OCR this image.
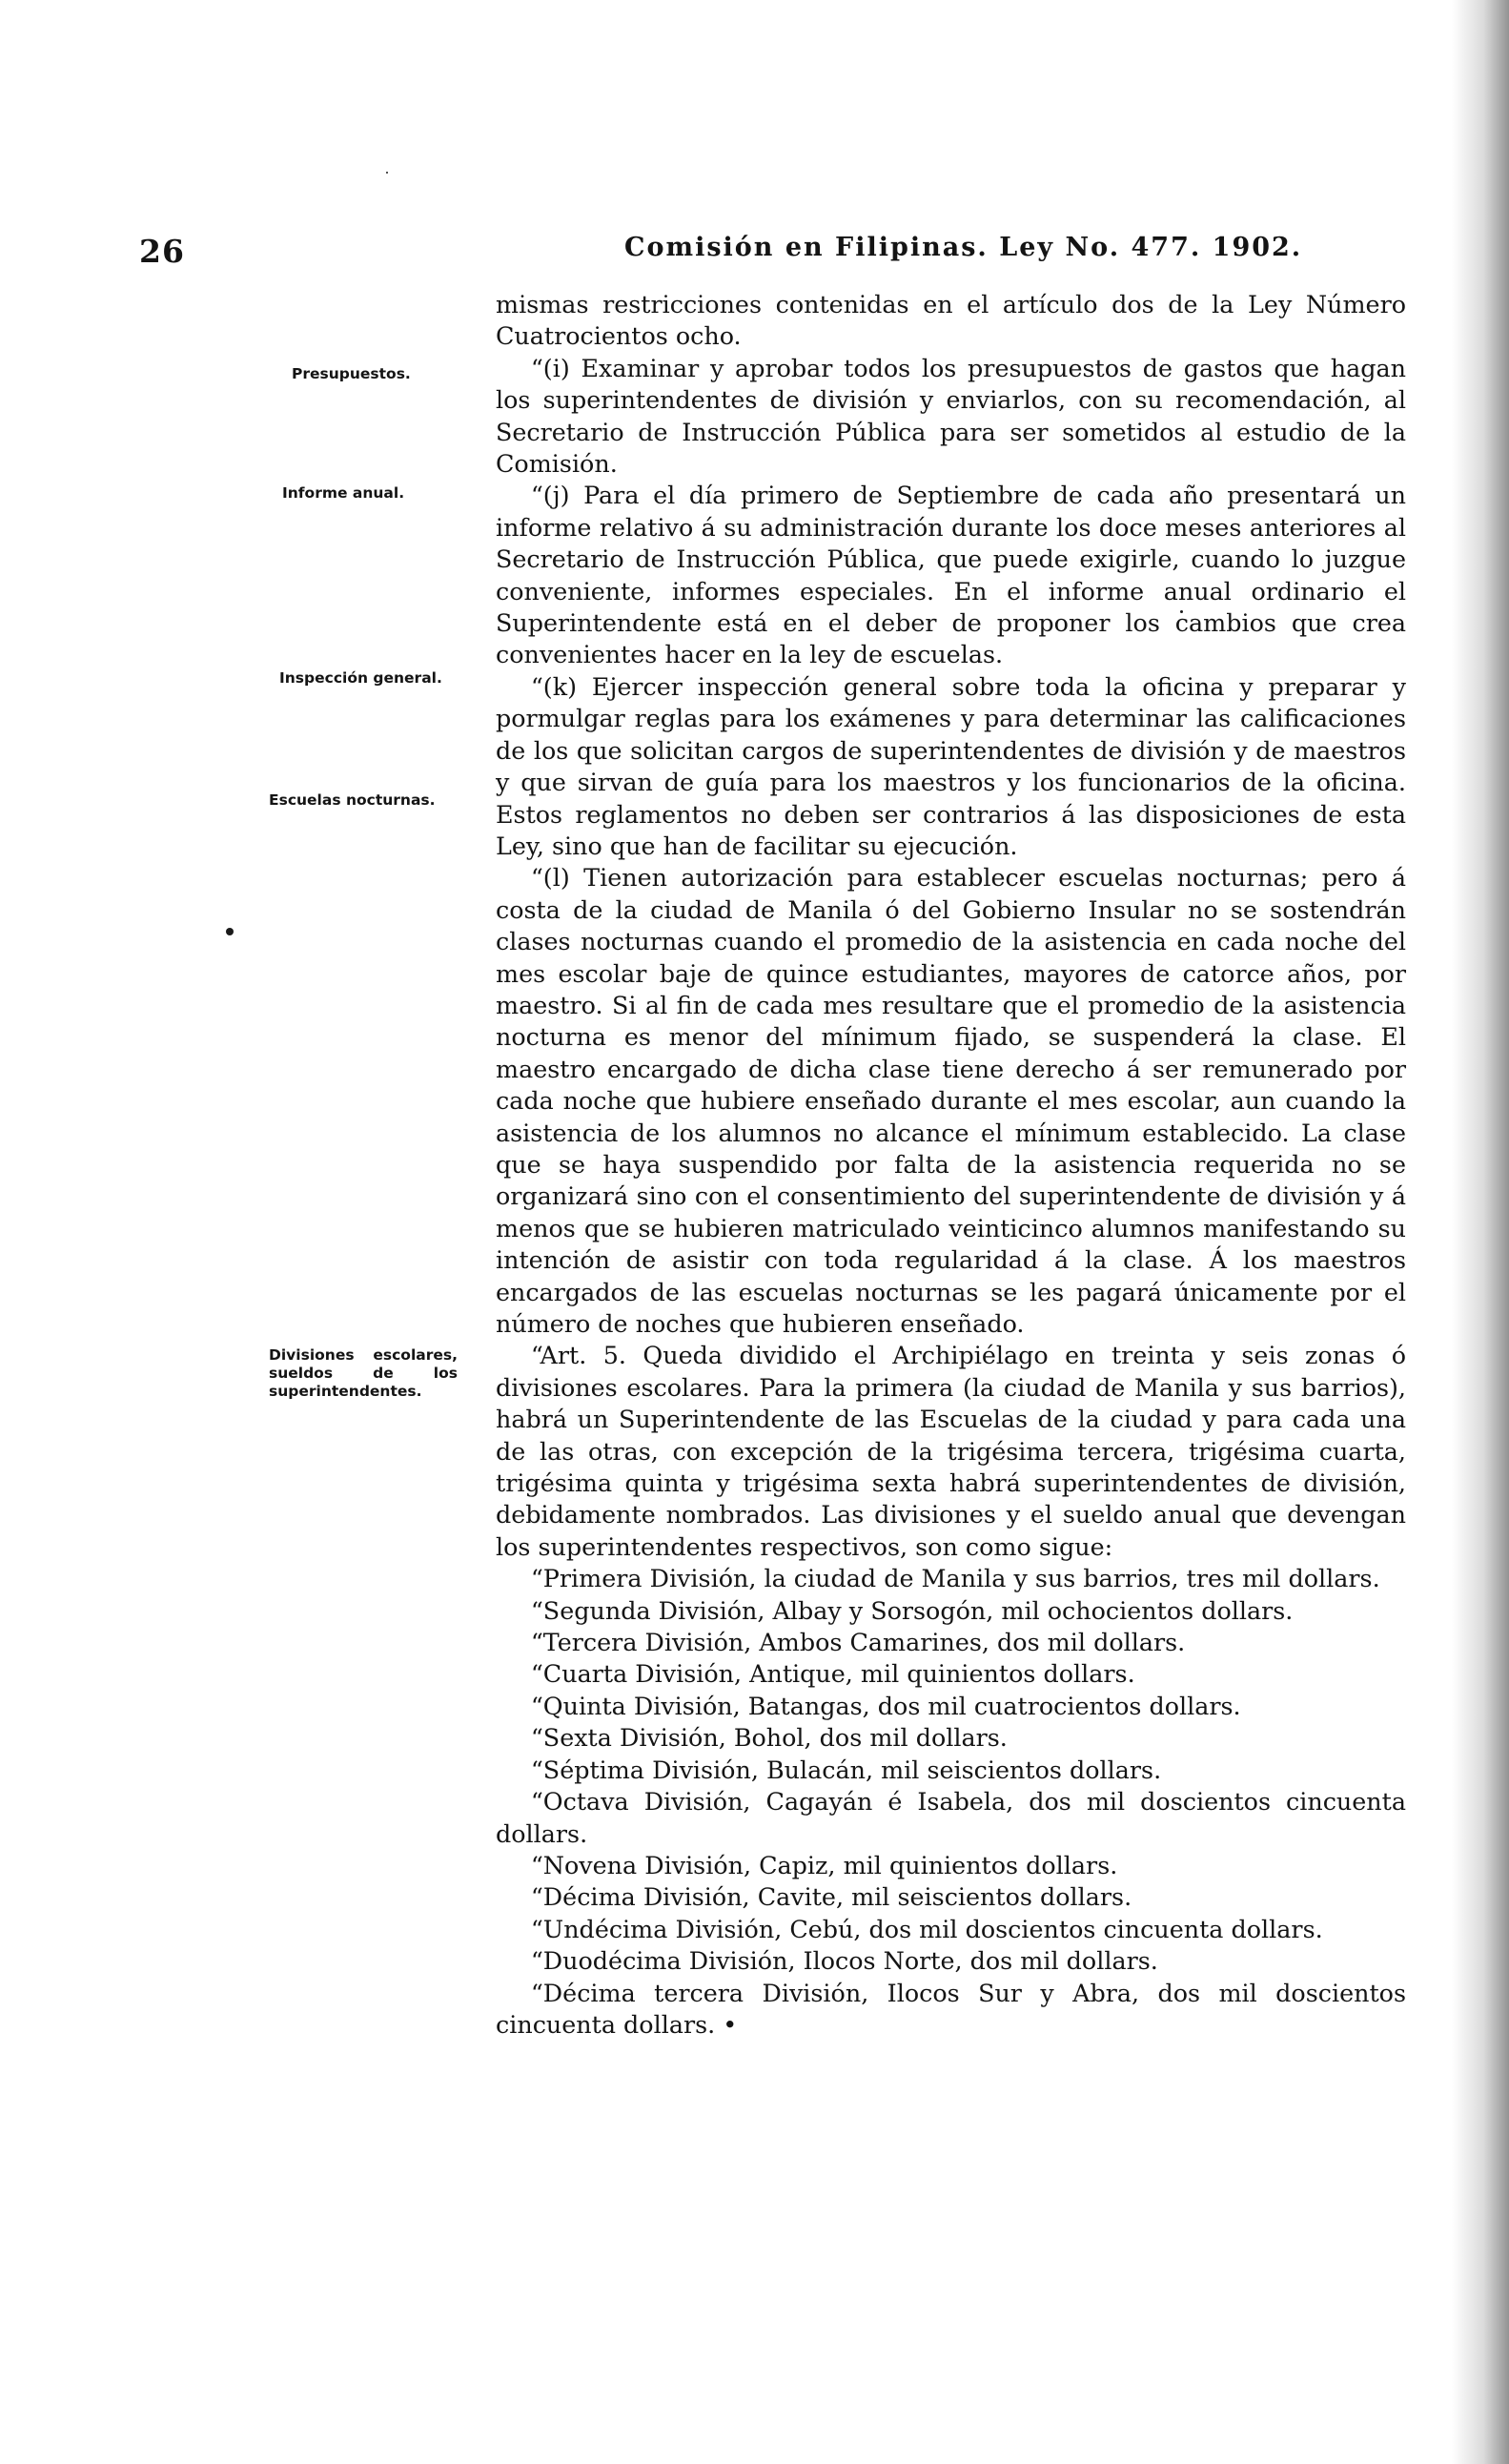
26	Comisión en Filipinas. Ley No. 477. 1902.
Presupuestos.
Informe anual.
Inspección general.
Escuelas nocturnas.
Divisiones escolares, sueldos de los superintendentes.

mismas restricciones contenidas en el artículo dos de la Ley Número Cuatrocientos ocho.

“(i) Examinar y aprobar todos los presupuestos de gastos que hagan los superintendentes de división y enviarlos, con su recomendación, al Secretario de Instrucción Pública para ser sometidos al estudio de la Comisión.

“(j) Para el día primero de Septiembre de cada año presentará un informe relativo á su administración durante los doce meses anteriores al Secretario de Instrucción Pública, que puede exigirle, cuando lo juzgue conveniente, informes especiales. En el informe anual ordinario el Superintendente está en el deber de proponer los cambios que crea convenientes hacer en la ley de escuelas.

“(k) Ejercer inspección general sobre toda la oficina y preparar y pormulgar reglas para los exámenes y para determinar las calificaciones de los que solicitan cargos de superintendentes de división y de maestros y que sirvan de guía para los maestros y los funcionarios de la oficina. Estos reglamentos no deben ser contrarios á las disposiciones de esta Ley, sino que han de facilitar su ejecución.

“(l) Tienen autorización para establecer escuelas nocturnas; pero á costa de la ciudad de Manila ó del Gobierno Insular no se sostendrán clases nocturnas cuando el promedio de la asistencia en cada noche del mes escolar baje de quince estudiantes, mayores de catorce años, por maestro. Si al fin de cada mes resultare que el promedio de la asistencia nocturna es menor del mínimum fijado, se suspenderá la clase. El maestro encargado de dicha clase tiene derecho á ser remunerado por cada noche que hubiere enseñado durante el mes escolar, aun cuando la asistencia de los alumnos no alcance el mínimum establecido. La clase que se haya suspendido por falta de la asistencia requerida no se organizará sino con el consentimiento del superintendente de división y á menos que se hubieren matriculado veinticinco alumnos manifestando su intención de asistir con toda regularidad á la clase. Á los maestros encargados de las escuelas nocturnas se les pagará únicamente por el número de noches que hubieren enseñado.

“Art. 5. Queda dividido el Archipiélago en treinta y seis zonas ó divisiones escolares. Para la primera (la ciudad de Manila y sus barrios), habrá un Superintendente de las Escuelas de la ciudad y para cada una de las otras, con excepción de la trigésima tercera, trigésima cuarta, trigésima quinta y trigésima sexta habrá superintendentes de división, debidamente nombrados. Las divisiones y el sueldo anual que devengan los superintendentes respectivos, son como sigue:

“Primera División, la ciudad de Manila y sus barrios, tres mil dollars.

“Segunda División, Albay y Sorsogón, mil ochocientos dollars.

“Tercera División, Ambos Camarines, dos mil dollars.

“Cuarta División, Antique, mil quinientos dollars.

“Quinta División, Batangas, dos mil cuatrocientos dollars.

“Sexta División, Bohol, dos mil dollars.

“Séptima División, Bulacán, mil seiscientos dollars.

“Octava División, Cagayán é Isabela, dos mil doscientos cincuenta dollars.

“Novena División, Capiz, mil quinientos dollars.

“Décima División, Cavite, mil seiscientos dollars.

“Undécima División, Cebú, dos mil doscientos cincuenta dollars.

“Duodécima División, Ilocos Norte, dos mil dollars.

“Décima tercera División, Ilocos Sur y Abra, dos mil doscientos cincuenta dollars. •
